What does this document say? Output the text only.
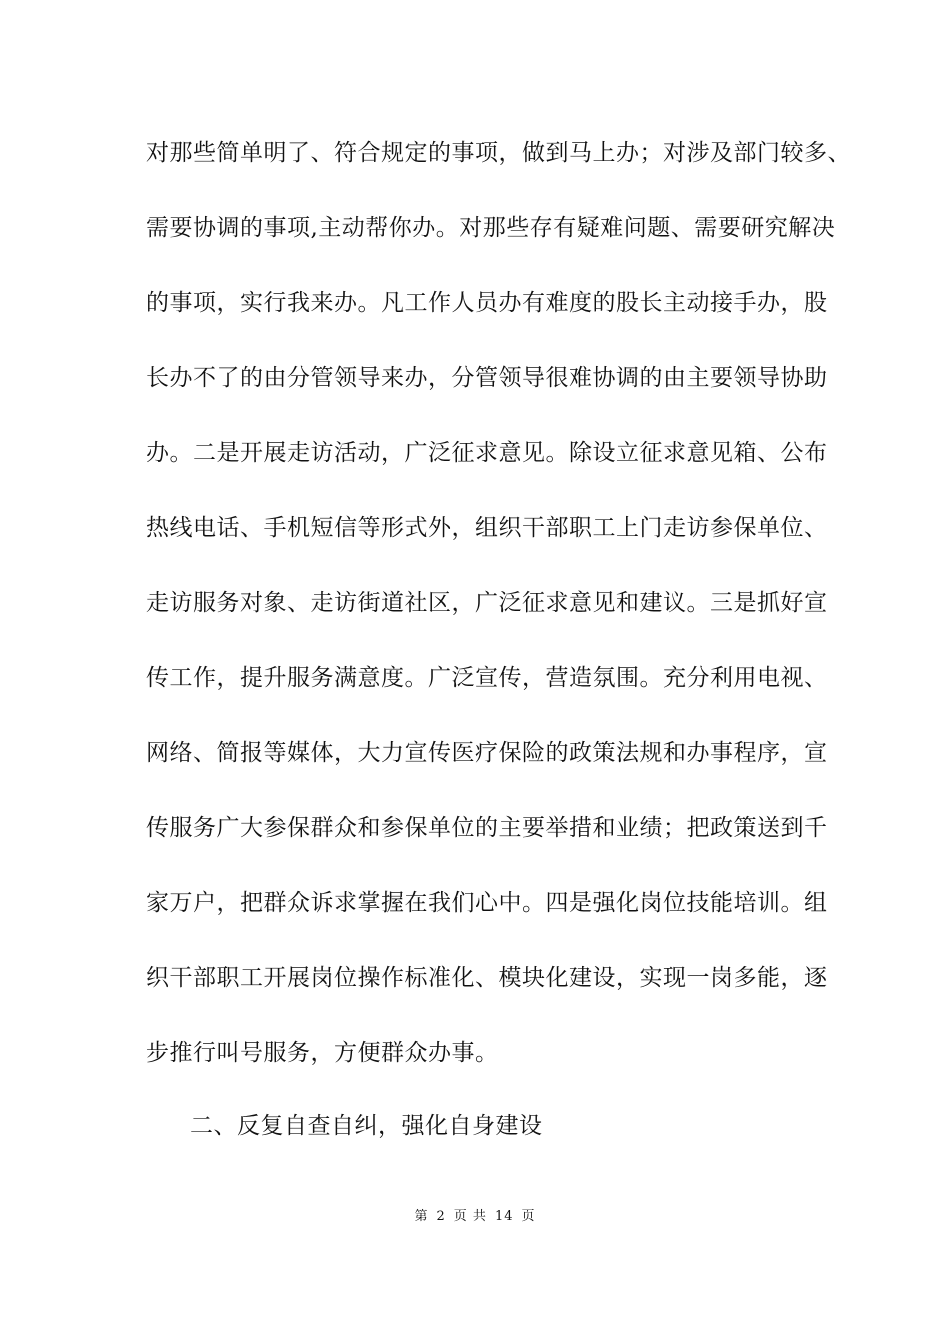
对那些简单明了、符合规定的事项，做到马上办；对涉及部门较多、
需要协调的事项,主动帮你办。对那些存有疑难问题、需要研究解决
的事项，实行我来办。凡工作人员办有难度的股长主动接手办，股
长办不了的由分管领导来办，分管领导很难协调的由主要领导协助
办。二是开展走访活动，广泛征求意见。除设立征求意见箱、公布
热线电话、手机短信等形式外，组织干部职工上门走访参保单位、
走访服务对象、走访街道社区，广泛征求意见和建议。三是抓好宣
传工作，提升服务满意度。广泛宣传，营造氛围。充分利用电视、
网络、简报等媒体，大力宣传医疗保险的政策法规和办事程序，宣
传服务广大参保群众和参保单位的主要举措和业绩；把政策送到千
家万户，把群众诉求掌握在我们心中。四是强化岗位技能培训。组
织干部职工开展岗位操作标准化、模块化建设，实现一岗多能，逐
步推行叫号服务，方便群众办事。
二、反复自查自纠，强化自身建设
第 2 页 共 14 页
